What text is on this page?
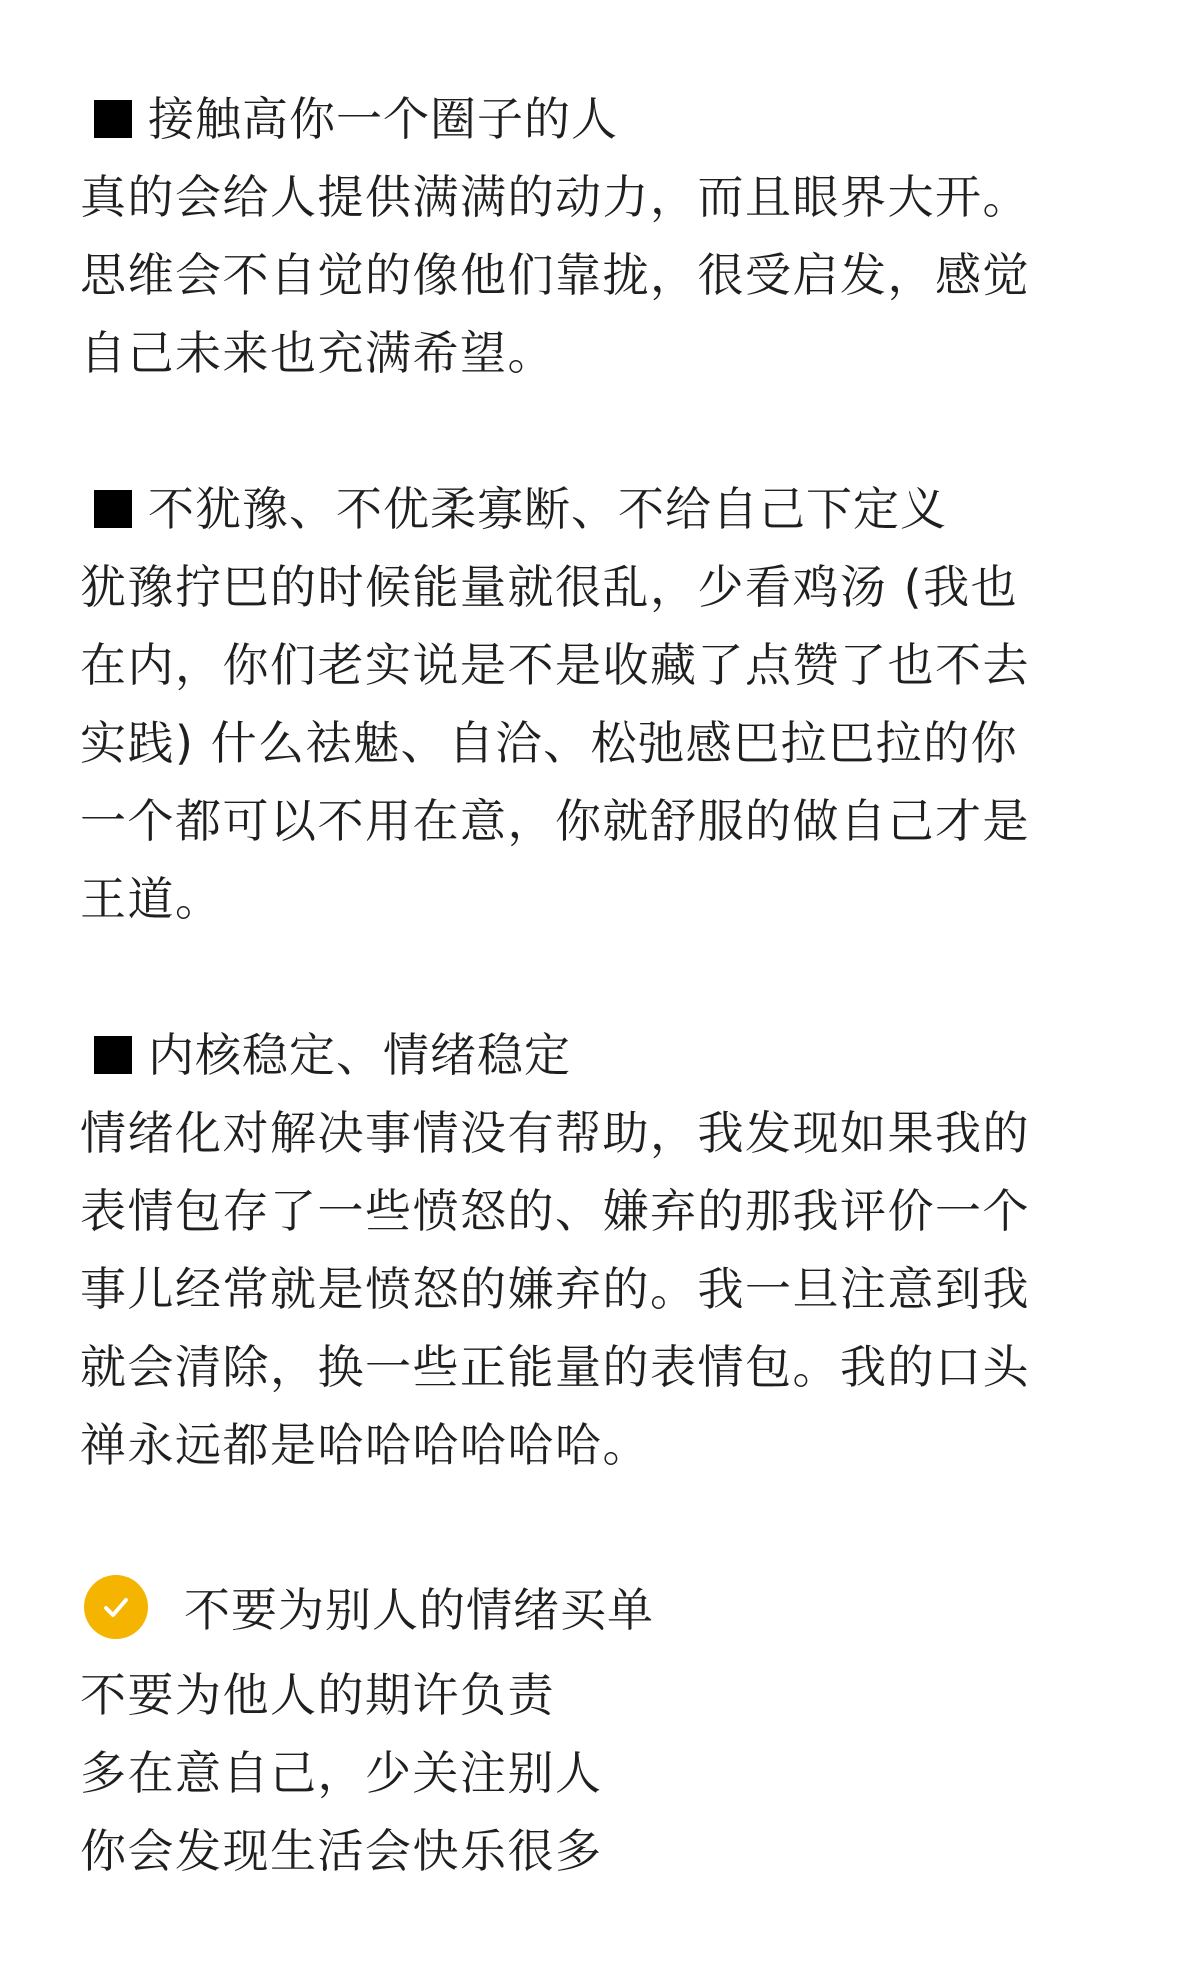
接触高你一个圈子的人

真的会给人提供满满的动力，而且眼界大开。
思维会不自觉的像他们靠拢，很受启发，感觉
自己未来也充满希望。

不犹豫、不优柔寡断、不给自己下定义

犹豫拧巴的时候能量就很乱，少看鸡汤 (我也
在内，你们老实说是不是收藏了点赞了也不去
实践) 什么祛魅、自洽、松弛感巴拉巴拉的你
一个都可以不用在意，你就舒服的做自己才是
王道。

内核稳定、情绪稳定

情绪化对解决事情没有帮助，我发现如果我的
表情包存了一些愤怒的、嫌弃的那我评价一个
事儿经常就是愤怒的嫌弃的。我一旦注意到我
就会清除，换一些正能量的表情包。我的口头
禅永远都是哈哈哈哈哈哈。

不要为别人的情绪买单
不要为他人的期许负责
多在意自己，少关注别人
你会发现生活会快乐很多
